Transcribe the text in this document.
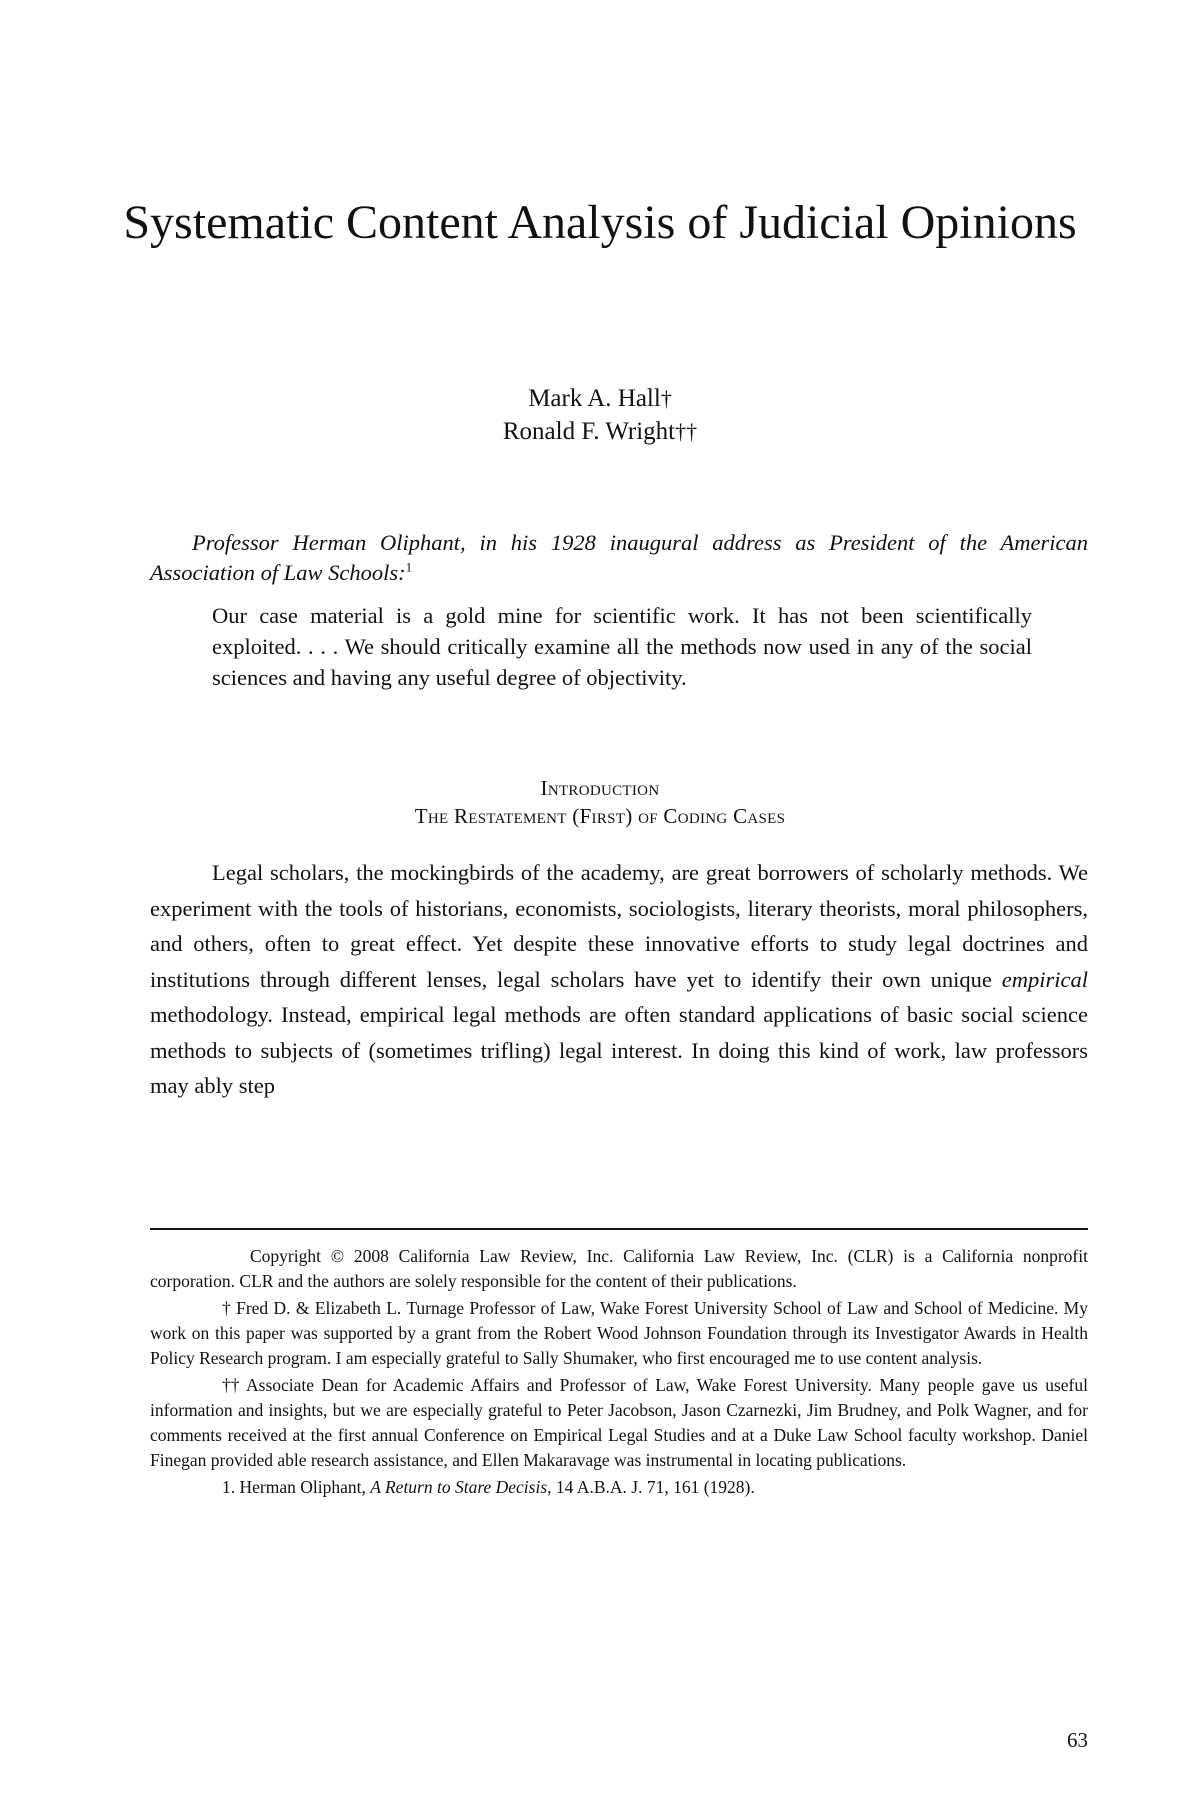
Systematic Content Analysis of Judicial Opinions
Mark A. Hall†
Ronald F. Wright††
Professor Herman Oliphant, in his 1928 inaugural address as President of the American Association of Law Schools:$^1$
Our case material is a gold mine for scientific work. It has not been scientifically exploited. . . . We should critically examine all the methods now used in any of the social sciences and having any useful degree of objectivity.
Introduction
The Restatement (First) of Coding Cases
Legal scholars, the mockingbirds of the academy, are great borrowers of scholarly methods. We experiment with the tools of historians, economists, sociologists, literary theorists, moral philosophers, and others, often to great effect. Yet despite these innovative efforts to study legal doctrines and institutions through different lenses, legal scholars have yet to identify their own unique empirical methodology. Instead, empirical legal methods are often standard applications of basic social science methods to subjects of (sometimes trifling) legal interest. In doing this kind of work, law professors may ably step

Copyright © 2008 California Law Review, Inc. California Law Review, Inc. (CLR) is a California nonprofit corporation. CLR and the authors are solely responsible for the content of their publications.

† Fred D. & Elizabeth L. Turnage Professor of Law, Wake Forest University School of Law and School of Medicine. My work on this paper was supported by a grant from the Robert Wood Johnson Foundation through its Investigator Awards in Health Policy Research program. I am especially grateful to Sally Shumaker, who first encouraged me to use content analysis.

†† Associate Dean for Academic Affairs and Professor of Law, Wake Forest University. Many people gave us useful information and insights, but we are especially grateful to Peter Jacobson, Jason Czarnezki, Jim Brudney, and Polk Wagner, and for comments received at the first annual Conference on Empirical Legal Studies and at a Duke Law School faculty workshop. Daniel Finegan provided able research assistance, and Ellen Makaravage was instrumental in locating publications.

1. Herman Oliphant, A Return to Stare Decisis, 14 A.B.A. J. 71, 161 (1928).

63
